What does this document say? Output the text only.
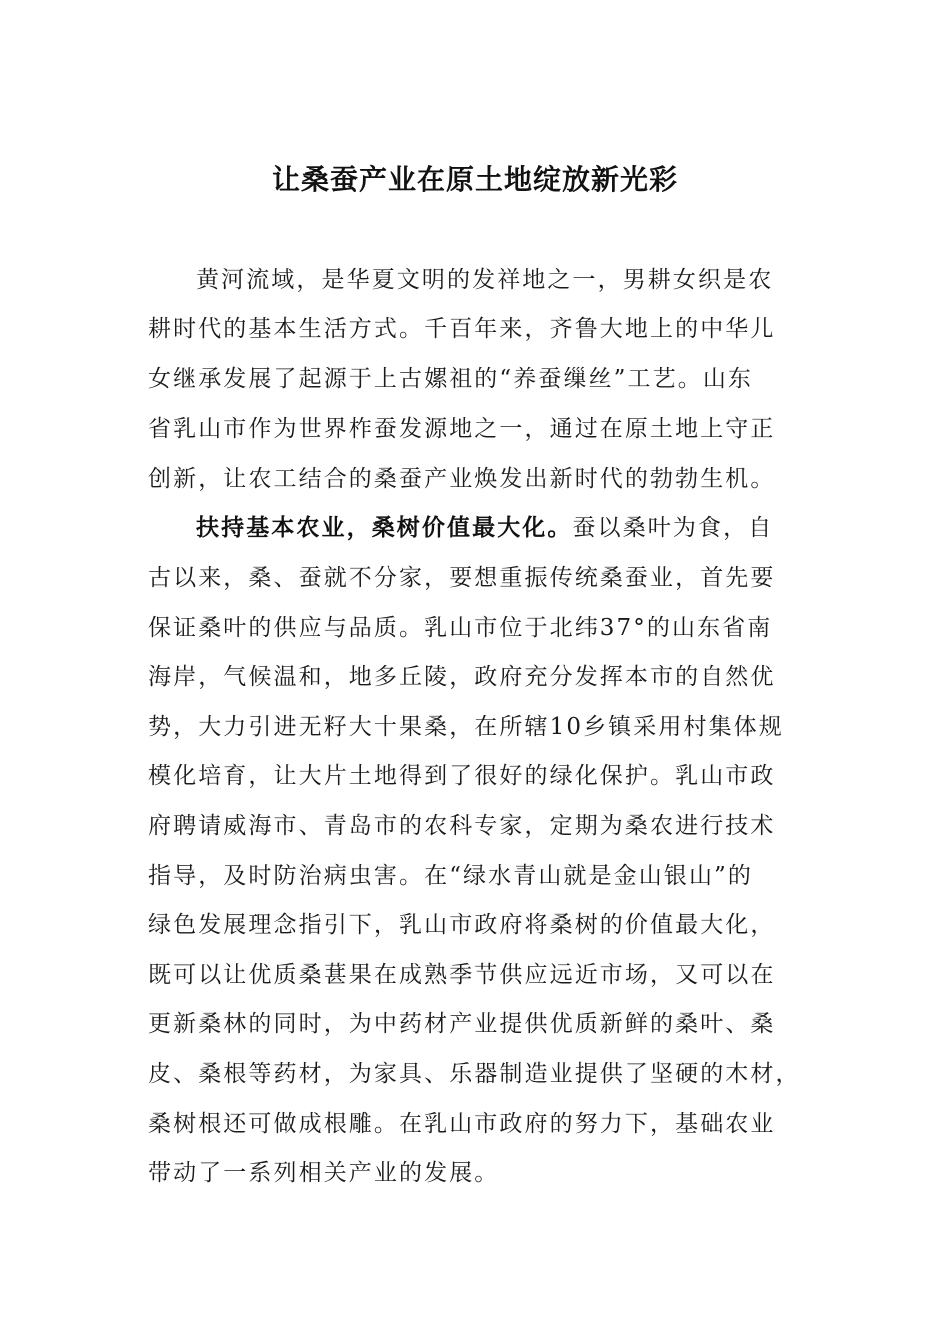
让桑蚕产业在原土地绽放新光彩
黄河流域，是华夏文明的发祥地之一，男耕女织是农
耕时代的基本生活方式。千百年来，齐鲁大地上的中华儿
女继承发展了起源于上古嫘祖的“养蚕缫丝”工艺。山东
省乳山市作为世界柞蚕发源地之一，通过在原土地上守正
创新，让农工结合的桑蚕产业焕发出新时代的勃勃生机。
扶持基本农业，桑树价值最大化。蚕以桑叶为食，自
古以来，桑、蚕就不分家，要想重振传统桑蚕业，首先要
保证桑叶的供应与品质。乳山市位于北纬37°的山东省南
海岸，气候温和，地多丘陵，政府充分发挥本市的自然优
势，大力引进无籽大十果桑，在所辖10乡镇采用村集体规
模化培育，让大片土地得到了很好的绿化保护。乳山市政
府聘请威海市、青岛市的农科专家，定期为桑农进行技术
指导，及时防治病虫害。在“绿水青山就是金山银山”的
绿色发展理念指引下，乳山市政府将桑树的价值最大化，
既可以让优质桑葚果在成熟季节供应远近市场，又可以在
更新桑林的同时，为中药材产业提供优质新鲜的桑叶、桑
皮、桑根等药材，为家具、乐器制造业提供了坚硬的木材，
桑树根还可做成根雕。在乳山市政府的努力下，基础农业
带动了一系列相关产业的发展。
